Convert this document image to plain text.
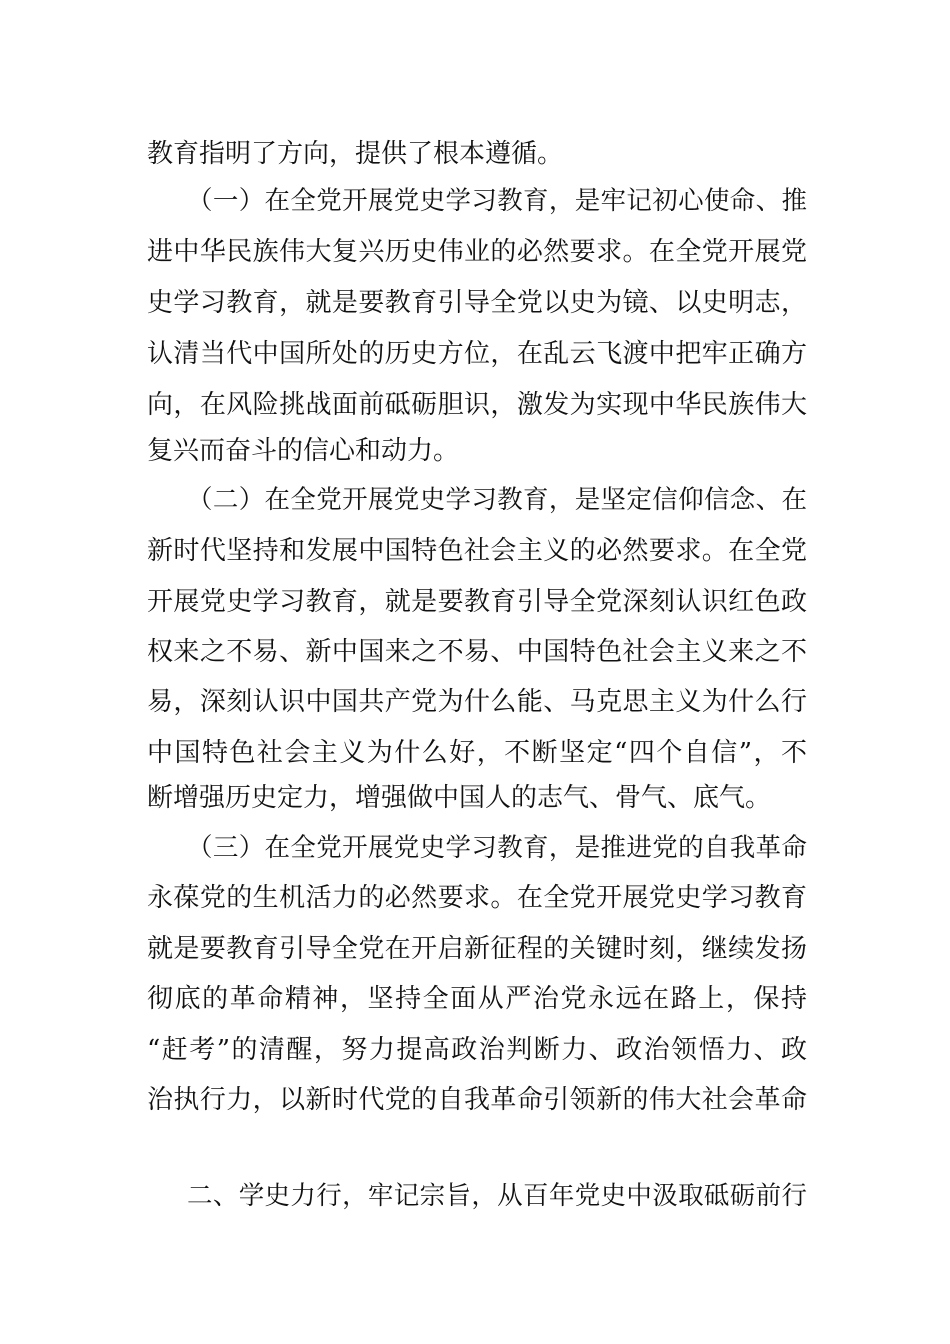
教育指明了方向，提供了根本遵循。
（一）在全党开展党史学习教育，是牢记初心使命、推
进中华民族伟大复兴历史伟业的必然要求。在全党开展党
史学习教育，就是要教育引导全党以史为镜、以史明志，
认清当代中国所处的历史方位，在乱云飞渡中把牢正确方
向，在风险挑战面前砥砺胆识，激发为实现中华民族伟大
复兴而奋斗的信心和动力。
（二）在全党开展党史学习教育，是坚定信仰信念、在
新时代坚持和发展中国特色社会主义的必然要求。在全党
开展党史学习教育，就是要教育引导全党深刻认识红色政
权来之不易、新中国来之不易、中国特色社会主义来之不
易，深刻认识中国共产党为什么能、马克思主义为什么行
中国特色社会主义为什么好，不断坚定“四个自信”，不
断增强历史定力，增强做中国人的志气、骨气、底气。
（三）在全党开展党史学习教育，是推进党的自我革命
永葆党的生机活力的必然要求。在全党开展党史学习教育
就是要教育引导全党在开启新征程的关键时刻，继续发扬
彻底的革命精神，坚持全面从严治党永远在路上，保持
“赶考”的清醒，努力提高政治判断力、政治领悟力、政
治执行力，以新时代党的自我革命引领新的伟大社会革命
二、学史力行，牢记宗旨，从百年党史中汲取砥砺前行
